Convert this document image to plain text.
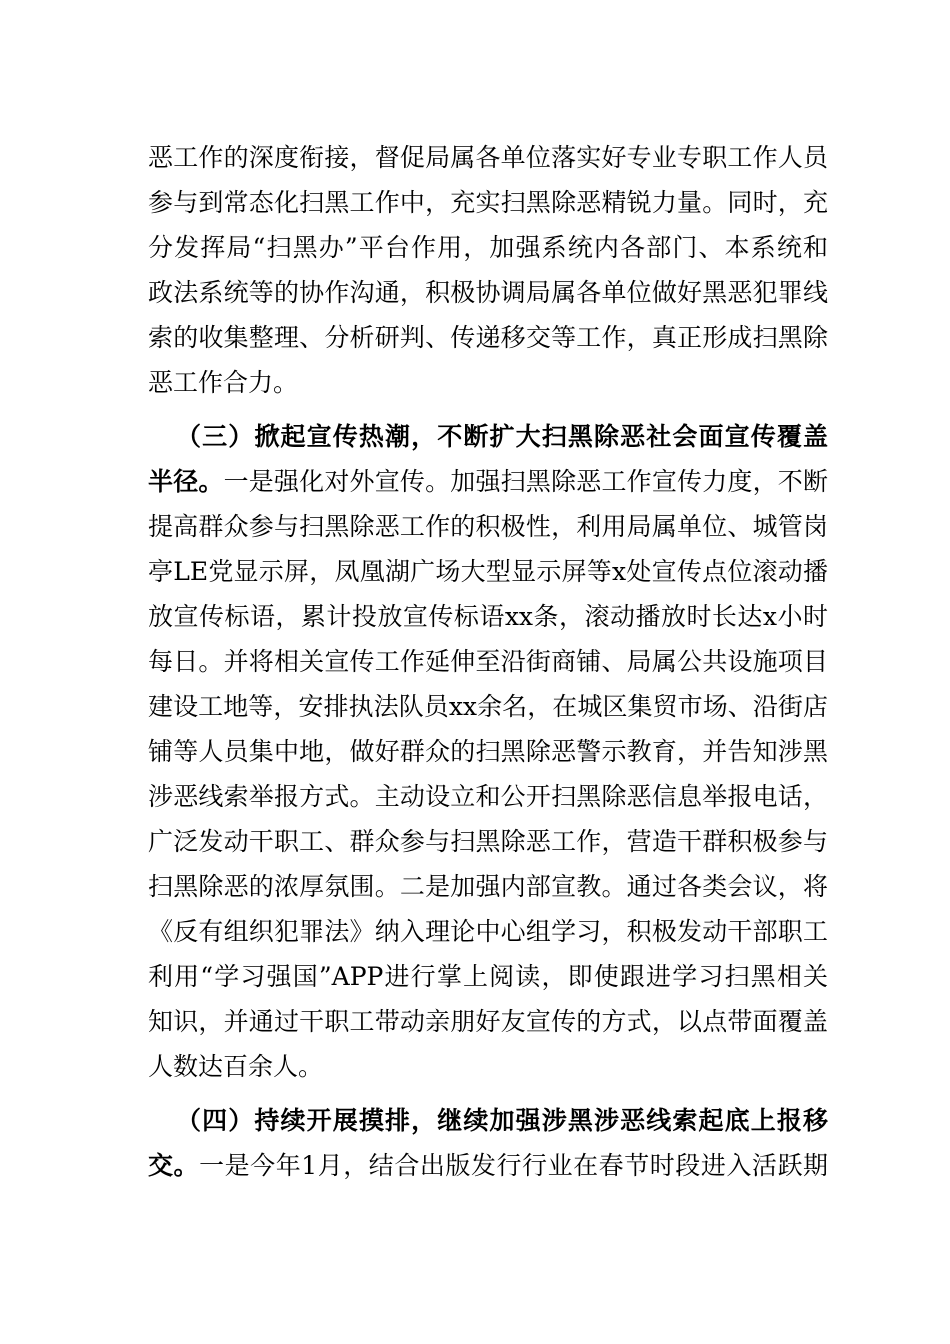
恶工作的深度衔接，督促局属各单位落实好专业专职工作人员
参与到常态化扫黑工作中，充实扫黑除恶精锐力量。同时，充
分发挥局“扫黑办”平台作用，加强系统内各部门、本系统和
政法系统等的协作沟通，积极协调局属各单位做好黑恶犯罪线
索的收集整理、分析研判、传递移交等工作，真正形成扫黑除
恶工作合力。
（三）掀起宣传热潮，不断扩大扫黑除恶社会面宣传覆盖
半径。一是强化对外宣传。加强扫黑除恶工作宣传力度，不断
提高群众参与扫黑除恶工作的积极性，利用局属单位、城管岗
亭LE党显示屏，凤凰湖广场大型显示屏等x处宣传点位滚动播
放宣传标语，累计投放宣传标语xx条，滚动播放时长达x小时
每日。并将相关宣传工作延伸至沿街商铺、局属公共设施项目
建设工地等，安排执法队员xx余名，在城区集贸市场、沿街店
铺等人员集中地，做好群众的扫黑除恶警示教育，并告知涉黑
涉恶线索举报方式。主动设立和公开扫黑除恶信息举报电话，
广泛发动干职工、群众参与扫黑除恶工作，营造干群积极参与
扫黑除恶的浓厚氛围。二是加强内部宣教。通过各类会议，将
《反有组织犯罪法》纳入理论中心组学习，积极发动干部职工
利用“学习强国”APP进行掌上阅读，即使跟进学习扫黑相关
知识，并通过干职工带动亲朋好友宣传的方式，以点带面覆盖
人数达百余人。
（四）持续开展摸排，继续加强涉黑涉恶线索起底上报移
交。一是今年1月，结合出版发行行业在春节时段进入活跃期
